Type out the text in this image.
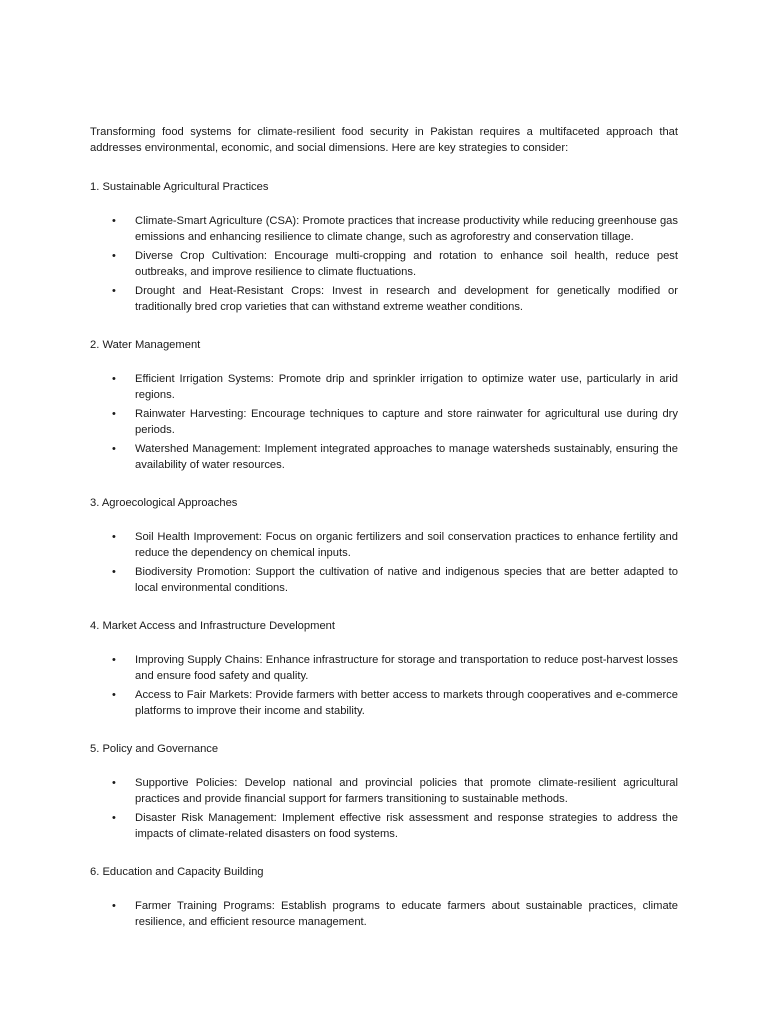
Transforming food systems for climate-resilient food security in Pakistan requires a multifaceted approach that addresses environmental, economic, and social dimensions. Here are key strategies to consider:

1. Sustainable Agricultural Practices

• Climate-Smart Agriculture (CSA): Promote practices that increase productivity while reducing greenhouse gas emissions and enhancing resilience to climate change, such as agroforestry and conservation tillage.
• Diverse Crop Cultivation: Encourage multi-cropping and rotation to enhance soil health, reduce pest outbreaks, and improve resilience to climate fluctuations.
• Drought and Heat-Resistant Crops: Invest in research and development for genetically modified or traditionally bred crop varieties that can withstand extreme weather conditions.

2. Water Management

• Efficient Irrigation Systems: Promote drip and sprinkler irrigation to optimize water use, particularly in arid regions.
• Rainwater Harvesting: Encourage techniques to capture and store rainwater for agricultural use during dry periods.
• Watershed Management: Implement integrated approaches to manage watersheds sustainably, ensuring the availability of water resources.

3. Agroecological Approaches

• Soil Health Improvement: Focus on organic fertilizers and soil conservation practices to enhance fertility and reduce the dependency on chemical inputs.
• Biodiversity Promotion: Support the cultivation of native and indigenous species that are better adapted to local environmental conditions.

4. Market Access and Infrastructure Development

• Improving Supply Chains: Enhance infrastructure for storage and transportation to reduce post-harvest losses and ensure food safety and quality.
• Access to Fair Markets: Provide farmers with better access to markets through cooperatives and e-commerce platforms to improve their income and stability.

5. Policy and Governance

• Supportive Policies: Develop national and provincial policies that promote climate-resilient agricultural practices and provide financial support for farmers transitioning to sustainable methods.
• Disaster Risk Management: Implement effective risk assessment and response strategies to address the impacts of climate-related disasters on food systems.

6. Education and Capacity Building

• Farmer Training Programs: Establish programs to educate farmers about sustainable practices, climate resilience, and efficient resource management.
